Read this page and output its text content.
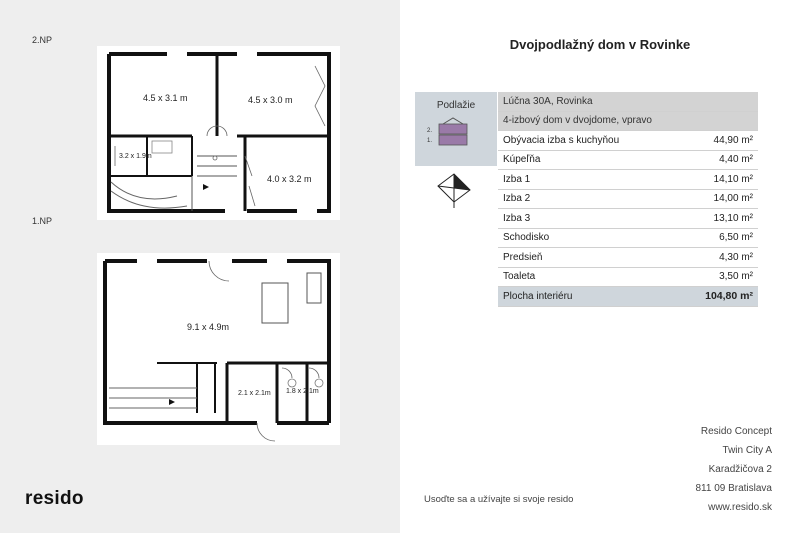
2.NP
4.5 x 3.1 m	4.5 x 3.0 m
3.2 x 1.9m
4.0 x 3.2 m
1.NP
9.1 x 4.9m
2.1 x 2.1m 1.8 x 2.1m
resido
Dvojpodlažný dom v Rovinke
Podlažie
2.
1.
Lúčna 30A, Rovinka	
4-izbový dom v dvojdome, vpravo	
Obývacia izba s kuchyňou	44,90 m²
Kúpeľňa	4,40 m²
Izba 1	14,10 m²
Izba 2	14,00 m²
Izba 3	13,10 m²
Schodisko	6,50 m²
Predsieň	4,30 m²
Toaleta	3,50 m²
Plocha interiéru	104,80 m²
Resido Concept
Twin City A
Karadžičova 2
811 09 Bratislava
www.resido.sk
Usoďte sa a užívajte si svoje resido
